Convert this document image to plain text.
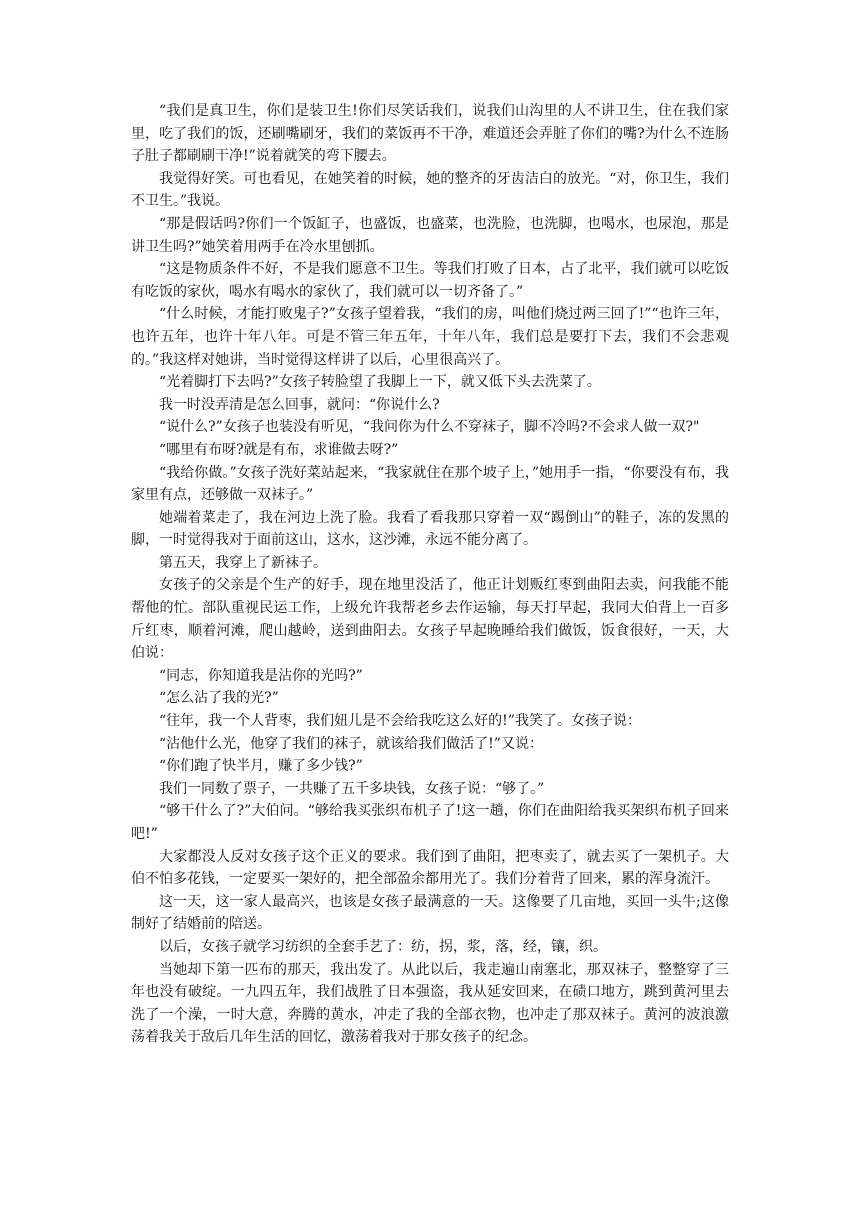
“我们是真卫生，你们是装卫生!你们尽笑话我们，说我们山沟里的人不讲卫生，住在我们家里，吃了我们的饭，还刷嘴刷牙，我们的菜饭再不干净，难道还会弄脏了你们的嘴?为什么不连肠子肚子都刷刷干净!”说着就笑的弯下腰去。

我觉得好笑。可也看见，在她笑着的时候，她的整齐的牙齿洁白的放光。“对，你卫生，我们不卫生。”我说。

“那是假话吗?你们一个饭缸子，也盛饭，也盛菜，也洗脸，也洗脚，也喝水，也尿泡，那是讲卫生吗?”她笑着用两手在冷水里刨抓。

“这是物质条件不好，不是我们愿意不卫生。等我们打败了日本，占了北平，我们就可以吃饭有吃饭的家伙，喝水有喝水的家伙了，我们就可以一切齐备了。”

“什么时候，才能打败鬼子?”女孩子望着我，“我们的房，叫他们烧过两三回了!”“也许三年，也许五年，也许十年八年。可是不管三年五年，十年八年，我们总是要打下去，我们不会悲观的。”我这样对她讲，当时觉得这样讲了以后，心里很高兴了。

“光着脚打下去吗?”女孩子转脸望了我脚上一下，就又低下头去洗菜了。

我一时没弄清是怎么回事，就问：“你说什么?

“说什么?”女孩子也装没有听见，“我问你为什么不穿袜子，脚不冷吗?不会求人做一双?"

“哪里有布呀?就是有布，求谁做去呀?”

“我给你做。”女孩子洗好菜站起来，“我家就住在那个坡子上，”她用手一指，“你要没有布，我家里有点，还够做一双袜子。”

她端着菜走了，我在河边上洗了脸。我看了看我那只穿着一双“踢倒山”的鞋子，冻的发黑的脚，一时觉得我对于面前这山，这水，这沙滩，永远不能分离了。

第五天，我穿上了新袜子。

女孩子的父亲是个生产的好手，现在地里没活了，他正计划贩红枣到曲阳去卖，问我能不能帮他的忙。部队重视民运工作，上级允许我帮老乡去作运输，每天打早起，我同大伯背上一百多斤红枣，顺着河滩，爬山越岭，送到曲阳去。女孩子早起晚睡给我们做饭，饭食很好，一天，大伯说：

“同志，你知道我是沾你的光吗?”

“怎么沾了我的光?”

“往年，我一个人背枣，我们妞儿是不会给我吃这么好的!”我笑了。女孩子说：

“沾他什么光，他穿了我们的袜子，就该给我们做活了!”又说：

“你们跑了快半月，赚了多少钱?”

我们一同数了票子，一共赚了五千多块钱，女孩子说：“够了。”

“够干什么了?”大伯问。“够给我买张织布机子了!这一趟，你们在曲阳给我买架织布机子回来吧!”

大家都没人反对女孩子这个正义的要求。我们到了曲阳，把枣卖了，就去买了一架机子。大伯不怕多花钱，一定要买一架好的，把全部盈余都用光了。我们分着背了回来，累的浑身流汗。

这一天，这一家人最高兴，也该是女孩子最满意的一天。这像要了几亩地，买回一头牛;这像制好了结婚前的陪送。

以后，女孩子就学习纺织的全套手艺了：纺，拐，浆，落，经，镶，织。

当她却下第一匹布的那天，我出发了。从此以后，我走遍山南塞北，那双袜子，整整穿了三年也没有破绽。一九四五年，我们战胜了日本强盗，我从延安回来，在碛口地方，跳到黄河里去洗了一个澡，一时大意，奔腾的黄水，冲走了我的全部衣物，也冲走了那双袜子。黄河的波浪激荡着我关于敌后几年生活的回忆，激荡着我对于那女孩子的纪念。
